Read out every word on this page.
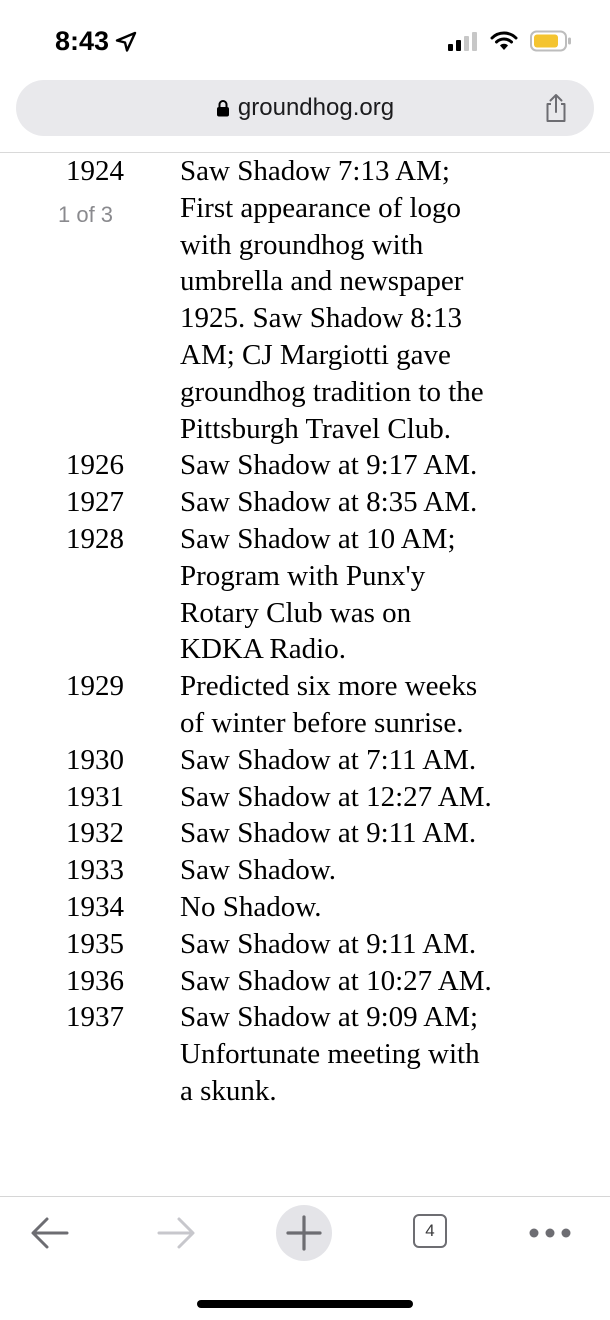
8:43
groundhog.org
1924	Saw Shadow 7:13 AM;
First appearance of logo
with groundhog with
umbrella and newspaper
1925. Saw Shadow 8:13
AM; CJ Margiotti gave
groundhog tradition to the
Pittsburgh Travel Club.
1926	Saw Shadow at 9:17 AM.
1927	Saw Shadow at 8:35 AM.
1928	Saw Shadow at 10 AM;
Program with Punx'y
Rotary Club was on
KDKA Radio.
1929	Predicted six more weeks
of winter before sunrise.
1930	Saw Shadow at 7:11 AM.
1931	Saw Shadow at 12:27 AM.
1932	Saw Shadow at 9:11 AM.
1933	Saw Shadow.
1934	No Shadow.
1935	Saw Shadow at 9:11 AM.
1936	Saw Shadow at 10:27 AM.
1937	Saw Shadow at 9:09 AM;
Unfortunate meeting with
a skunk.
1 of 3
4
